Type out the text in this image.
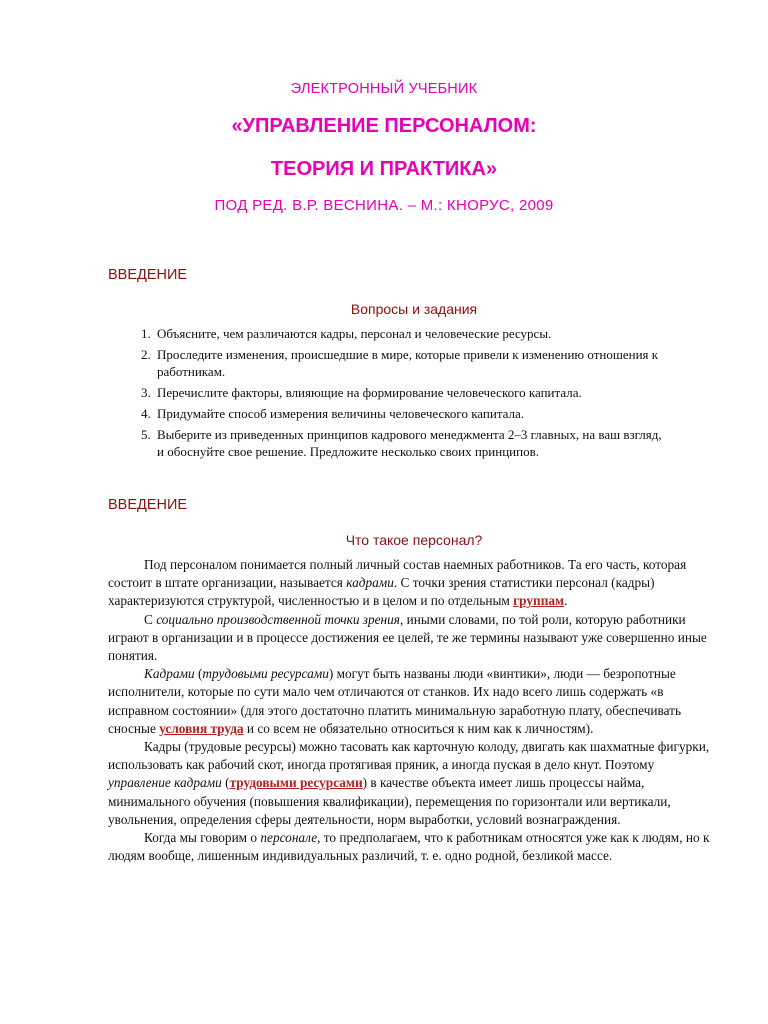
ЭЛЕКТРОННЫЙ УЧЕБНИК
«УПРАВЛЕНИЕ ПЕРСОНАЛОМ:
ТЕОРИЯ И ПРАКТИКА»
ПОД РЕД. В.Р. ВЕСНИНА. – М.: КНОРУС, 2009
ВВЕДЕНИЕ
Вопросы и задания
1. Объясните, чем различаются кадры, персонал и человеческие ресурсы.
2. Проследите изменения, происшедшие в мире, которые привели к изменению отношения к работникам.
3. Перечислите факторы, влияющие на формирование человеческого капитала.
4. Придумайте способ измерения величины человеческого капитала.
5. Выберите из приведенных принципов кадрового менеджмента 2–3 главных, на ваш взгляд, и обоснуйте свое решение. Предложите несколько своих принципов.
ВВЕДЕНИЕ
Что такое персонал?

Под персоналом понимается полный личный состав наемных работников. Та его часть, которая состоит в штате организации, называется кадрами. С точки зрения статистики персонал (кадры) характеризуются структурой, численностью и в целом и по отдельным группам.

С социально производственной точки зрения, иными словами, по той роли, которую работники играют в организации и в процессе достижения ее целей, те же термины называют уже совершенно иные понятия.

Кадрами (трудовыми ресурсами) могут быть названы люди «винтики», люди — безропотные исполнители, которые по сути мало чем отличаются от станков. Их надо всего лишь содержать «в исправном состоянии» (для этого достаточно платить минимальную заработную плату, обеспечивать сносные условия труда и со всем не обязательно относиться к ним как к личностям).

Кадры (трудовые ресурсы) можно тасовать как карточную колоду, двигать как шахматные фигурки, использовать как рабочий скот, иногда протягивая пряник, а иногда пуская в дело кнут. Поэтому управление кадрами (трудовыми ресурсами) в качестве объекта имеет лишь процессы найма, минимального обучения (повышения квалификации), перемещения по горизонтали или вертикали, увольнения, определения сферы деятельности, норм выработки, условий вознаграждения.

Когда мы говорим о персонале, то предполагаем, что к работникам относятся уже как к людям, но к людям вообще, лишенным индивидуальных различий, т. е. одно родной, безликой массе.
